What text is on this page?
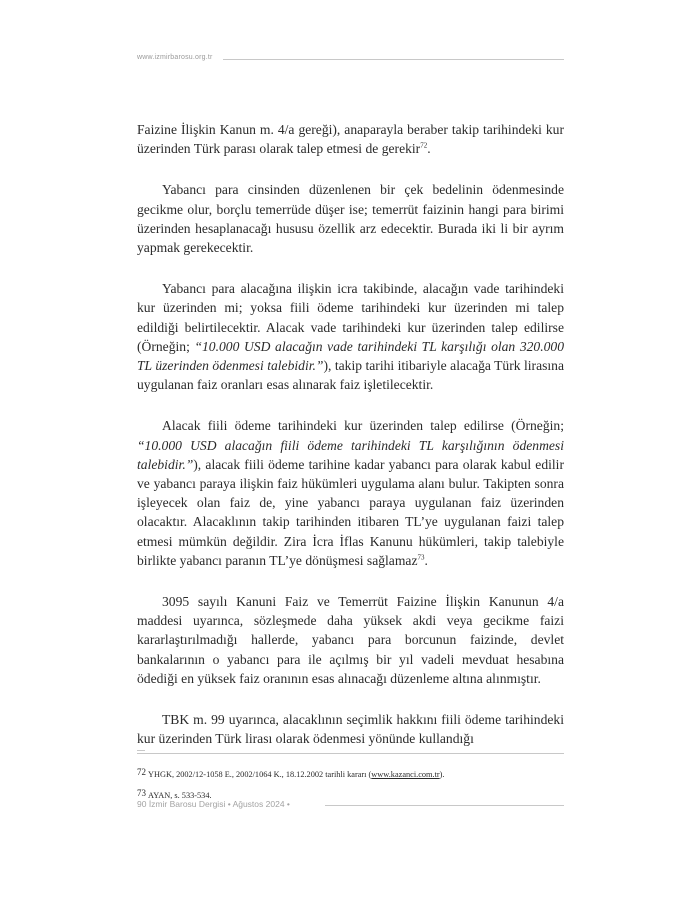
www.izmirbarosu.org.tr

Faizine İlişkin Kanun m. 4/a gereği), anaparayla beraber takip tarihindeki kur üzerinden Türk parası olarak talep etmesi de gerekir$^{72}$.

Yabancı para cinsinden düzenlenen bir çek bedelinin ödenmesinde gecikme olur, borçlu temerrüde düşer ise; temerrüt faizinin hangi para birimi üzerinden hesaplanacağı hususu özellik arz edecektir. Burada iki li bir ayrım yapmak gerekecektir.

Yabancı para alacağına ilişkin icra takibinde, alacağın vade tarihindeki kur üzerinden mi; yoksa fiili ödeme tarihindeki kur üzerinden mi talep edildiği belirtilecektir. Alacak vade tarihindeki kur üzerinden talep edilirse (Örneğin; “10.000 USD alacağın vade tarihindeki TL karşılığı olan 320.000 TL üzerinden ödenmesi talebidir.”), takip tarihi itibariyle alacağa Türk lirasına uygulanan faiz oranları esas alınarak faiz işletilecektir.

Alacak fiili ödeme tarihindeki kur üzerinden talep edilirse (Örneğin; “10.000 USD alacağın fiili ödeme tarihindeki TL karşılığının ödenmesi talebidir.”), alacak fiili ödeme tarihine kadar yabancı para olarak kabul edilir ve yabancı paraya ilişkin faiz hükümleri uygulama alanı bulur. Takipten sonra işleyecek olan faiz de, yine yabancı paraya uygulanan faiz üzerinden olacaktır. Alacaklının takip tarihinden itibaren TL’ye uygulanan faizi talep etmesi mümkün değildir. Zira İcra İflas Kanunu hükümleri, takip talebiyle birlikte yabancı paranın TL’ye dönüşmesi sağlamaz$^{73}$.

3095 sayılı Kanuni Faiz ve Temerrüt Faizine İlişkin Kanunun 4/a maddesi uyarınca, sözleşmede daha yüksek akdi veya gecikme faizi kararlaştırılmadığı hallerde, yabancı para borcunun faizinde, devlet bankalarının o yabancı para ile açılmış bir yıl vadeli mevduat hesabına ödediği en yüksek faiz oranının esas alınacağı düzenleme altına alınmıştır.

TBK m. 99 uyarınca, alacaklının seçimlik hakkını fiili ödeme tarihindeki kur üzerinden Türk lirası olarak ödenmesi yönünde kullandığı

72 YHGK, 2002/12-1058 E., 2002/1064 K., 18.12.2002 tarihli kararı (www.kazanci.com.tr).
73 AYAN, s. 533-534.
90 İzmir Barosu Dergisi • Ağustos 2024 •
